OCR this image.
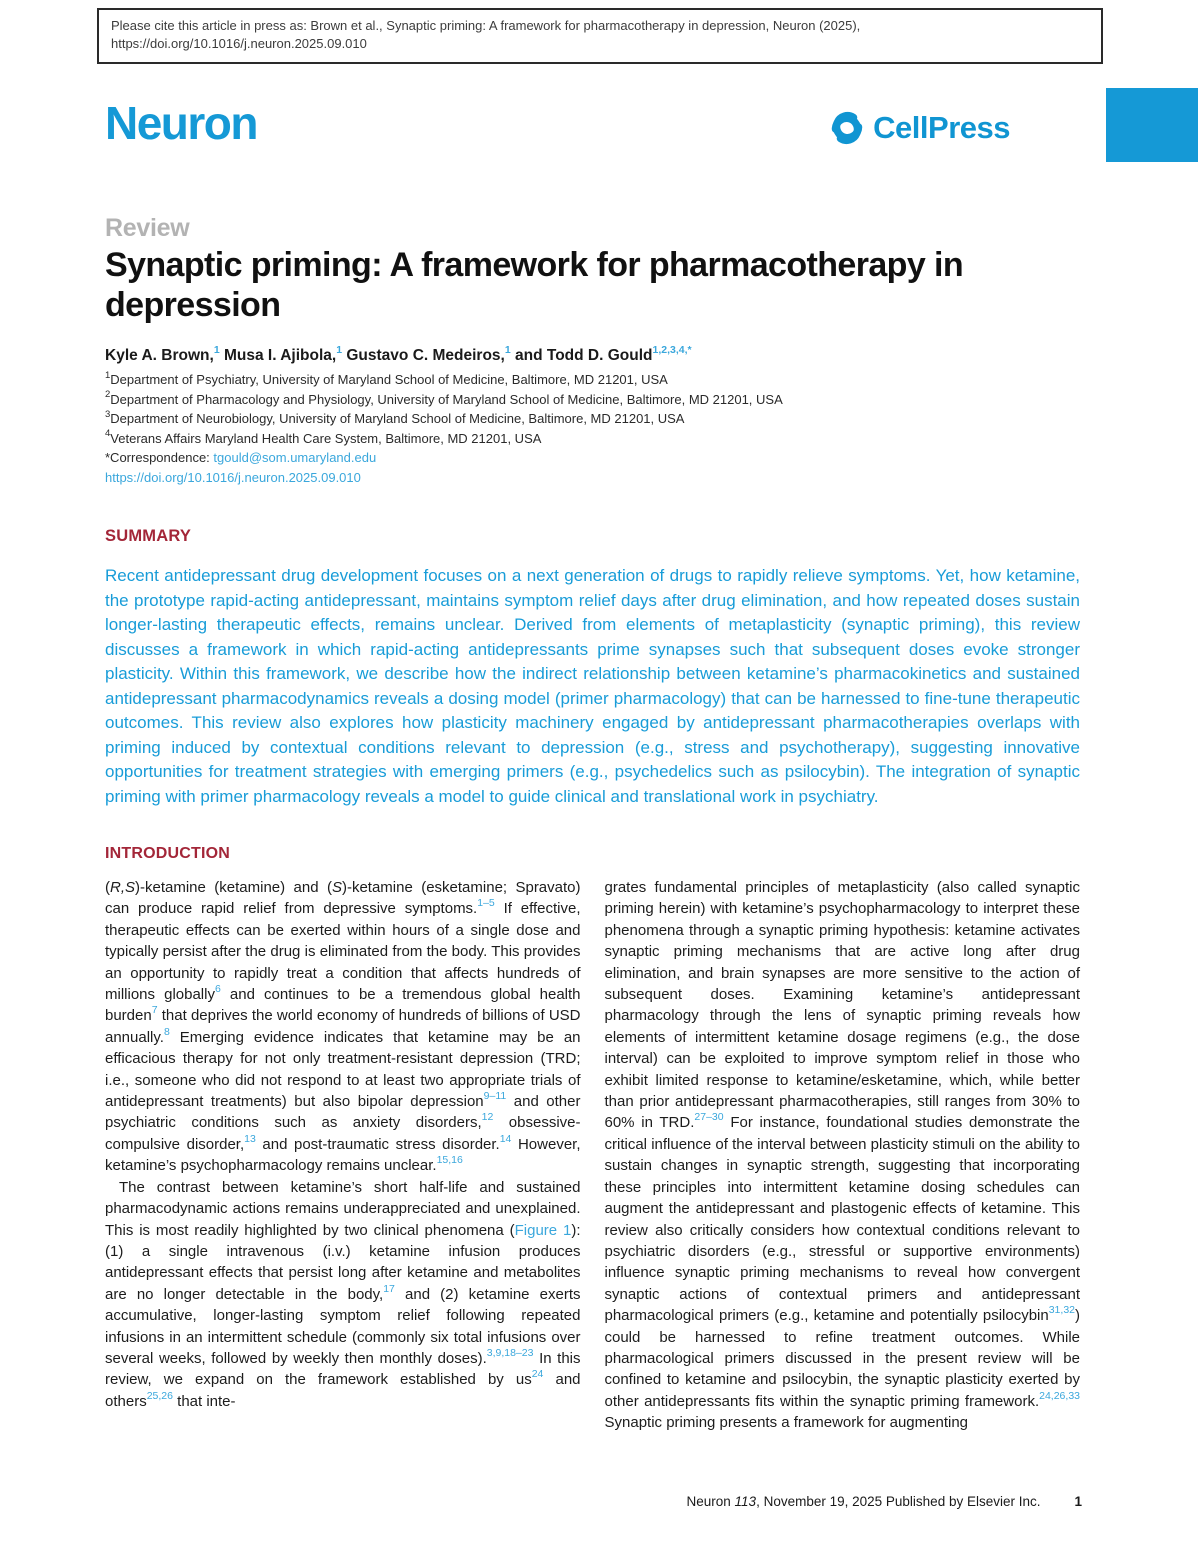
Please cite this article in press as: Brown et al., Synaptic priming: A framework for pharmacotherapy in depression, Neuron (2025), https://doi.org/10.1016/j.neuron.2025.09.010
Neuron	CellPress
Review
Synaptic priming: A framework for pharmacotherapy in depression
Kyle A. Brown,$^1$ Musa I. Ajibola,$^1$ Gustavo C. Medeiros,$^1$ and Todd D. Gould$^{1,2,3,4,*}$
$^1$Department of Psychiatry, University of Maryland School of Medicine, Baltimore, MD 21201, USA
$^2$Department of Pharmacology and Physiology, University of Maryland School of Medicine, Baltimore, MD 21201, USA
$^3$Department of Neurobiology, University of Maryland School of Medicine, Baltimore, MD 21201, USA
$^4$Veterans Affairs Maryland Health Care System, Baltimore, MD 21201, USA
*Correspondence: tgould@som.umaryland.edu
https://doi.org/10.1016/j.neuron.2025.09.010
SUMMARY
Recent antidepressant drug development focuses on a next generation of drugs to rapidly relieve symptoms. Yet, how ketamine, the prototype rapid-acting antidepressant, maintains symptom relief days after drug elimination, and how repeated doses sustain longer-lasting therapeutic effects, remains unclear. Derived from elements of metaplasticity (synaptic priming), this review discusses a framework in which rapid-acting antidepressants prime synapses such that subsequent doses evoke stronger plasticity. Within this framework, we describe how the indirect relationship between ketamine’s pharmacokinetics and sustained antidepressant pharmacodynamics reveals a dosing model (primer pharmacology) that can be harnessed to fine-tune therapeutic outcomes. This review also explores how plasticity machinery engaged by antidepressant pharmacotherapies overlaps with priming induced by contextual conditions relevant to depression (e.g., stress and psychotherapy), suggesting innovative opportunities for treatment strategies with emerging primers (e.g., psychedelics such as psilocybin). The integration of synaptic priming with primer pharmacology reveals a model to guide clinical and translational work in psychiatry.
INTRODUCTION

(R,S)-ketamine (ketamine) and (S)-ketamine (esketamine; Spravato) can produce rapid relief from depressive symptoms.$^{1-5}$ If effective, therapeutic effects can be exerted within hours of a single dose and typically persist after the drug is eliminated from the body. This provides an opportunity to rapidly treat a condition that affects hundreds of millions globally$^6$ and continues to be a tremendous global health burden$^7$ that deprives the world economy of hundreds of billions of USD annually.$^8$ Emerging evidence indicates that ketamine may be an efficacious therapy for not only treatment-resistant depression (TRD; i.e., someone who did not respond to at least two appropriate trials of antidepressant treatments) but also bipolar depression$^{9-11}$ and other psychiatric conditions such as anxiety disorders,$^{12}$ obsessive-compulsive disorder,$^{13}$ and post-traumatic stress disorder.$^{14}$ However, ketamine’s psychopharmacology remains unclear.$^{15,16}$

The contrast between ketamine’s short half-life and sustained pharmacodynamic actions remains underappreciated and unexplained. This is most readily highlighted by two clinical phenomena (Figure 1): (1) a single intravenous (i.v.) ketamine infusion produces antidepressant effects that persist long after ketamine and metabolites are no longer detectable in the body,$^{17}$ and (2) ketamine exerts accumulative, longer-lasting symptom relief following repeated infusions in an intermittent schedule (commonly six total infusions over several weeks, followed by weekly then monthly doses).$^{3,9,18-23}$ In this review, we expand on the framework established by us$^{24}$ and others$^{25,26}$ that inte-

grates fundamental principles of metaplasticity (also called synaptic priming herein) with ketamine’s psychopharmacology to interpret these phenomena through a synaptic priming hypothesis: ketamine activates synaptic priming mechanisms that are active long after drug elimination, and brain synapses are more sensitive to the action of subsequent doses. Examining ketamine’s antidepressant pharmacology through the lens of synaptic priming reveals how elements of intermittent ketamine dosage regimens (e.g., the dose interval) can be exploited to improve symptom relief in those who exhibit limited response to ketamine/esketamine, which, while better than prior antidepressant pharmacotherapies, still ranges from 30% to 60% in TRD.$^{27-30}$ For instance, foundational studies demonstrate the critical influence of the interval between plasticity stimuli on the ability to sustain changes in synaptic strength, suggesting that incorporating these principles into intermittent ketamine dosing schedules can augment the antidepressant and plastogenic effects of ketamine. This review also critically considers how contextual conditions relevant to psychiatric disorders (e.g., stressful or supportive environments) influence synaptic priming mechanisms to reveal how convergent synaptic actions of contextual primers and antidepressant pharmacological primers (e.g., ketamine and potentially psilocybin$^{31,32}$) could be harnessed to refine treatment outcomes. While pharmacological primers discussed in the present review will be confined to ketamine and psilocybin, the synaptic plasticity exerted by other antidepressants fits within the synaptic priming framework.$^{24,26,33}$ Synaptic priming presents a framework for augmenting

Neuron 113, November 19, 2025 Published by Elsevier Inc.	1
